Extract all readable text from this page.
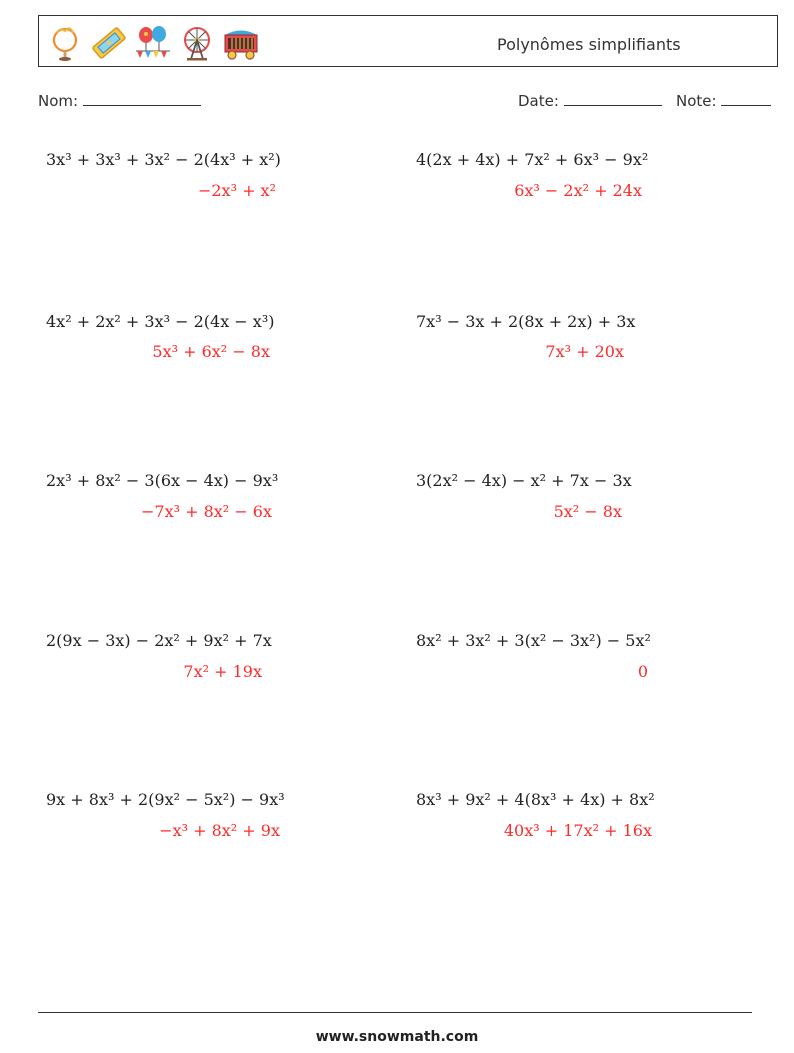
Polynômes simplifiants
Nom:	Date:	Note:
3x³ + 3x³ + 3x² − 2(4x³ + x²)
−2x³ + x²
4x² + 2x² + 3x³ − 2(4x − x³)
5x³ + 6x² − 8x
2x³ + 8x² − 3(6x − 4x) − 9x³
−7x³ + 8x² − 6x
2(9x − 3x) − 2x² + 9x² + 7x
7x² + 19x
9x + 8x³ + 2(9x² − 5x²) − 9x³
−x³ + 8x² + 9x
4(2x + 4x) + 7x² + 6x³ − 9x²
6x³ − 2x² + 24x
7x³ − 3x + 2(8x + 2x) + 3x
7x³ + 20x
3(2x² − 4x) − x² + 7x − 3x
5x² − 8x
8x² + 3x² + 3(x² − 3x²) − 5x²
0
8x³ + 9x² + 4(8x³ + 4x) + 8x²
40x³ + 17x² + 16x
www.snowmath.com
